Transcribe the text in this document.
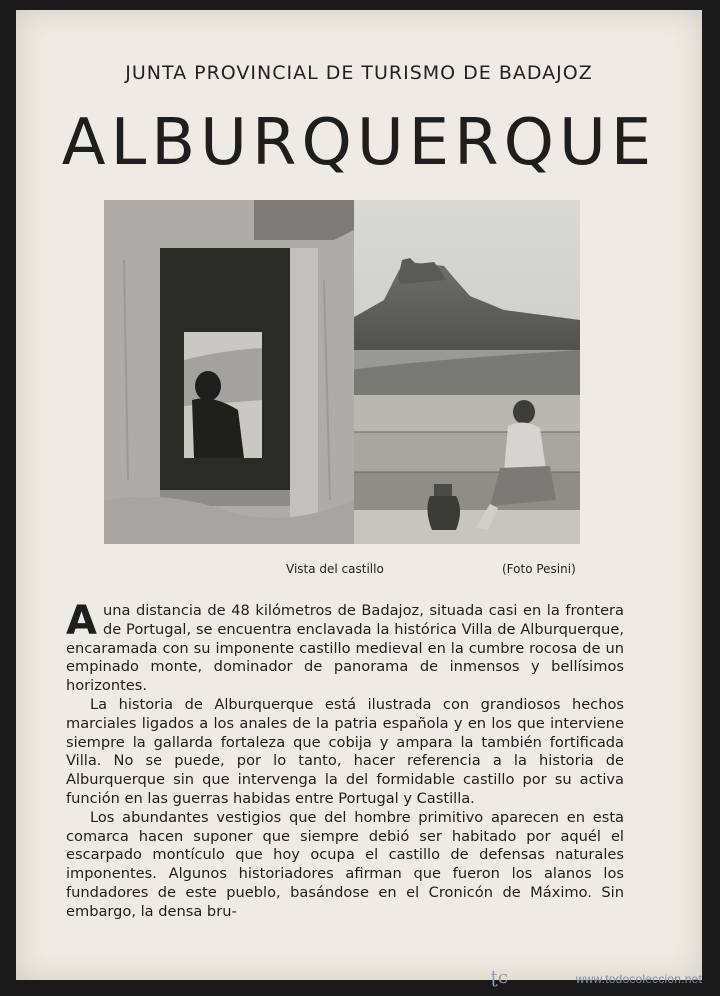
JUNTA PROVINCIAL DE TURISMO DE BADAJOZ
ALBURQUERQUE
Vista del castillo	(Foto Pesini)

Auna distancia de 48 kilómetros de Badajoz, situada casi en la frontera de Portugal, se encuentra enclavada la histórica Villa de Alburquerque, encaramada con su imponente castillo medieval en la cumbre rocosa de un empinado monte, dominador de panorama de inmensos y bellísimos horizontes.

La historia de Alburquerque está ilustrada con grandiosos hechos marciales ligados a los anales de la patria española y en los que interviene siempre la gallarda fortaleza que cobija y ampara la también fortificada Villa. No se puede, por lo tanto, hacer referencia a la historia de Alburquerque sin que intervenga la del formidable castillo por su activa función en las guerras habidas entre Portugal y Castilla.

Los abundantes vestigios que del hombre primitivo aparecen en esta comarca hacen suponer que siempre debió ser habitado por aquél el escarpado montículo que hoy ocupa el castillo de defensas naturales imponentes. Algunos historiadores afirman que fueron los alanos los fundadores de este pueblo, basándose en el Cronicón de Máximo. Sin embargo, la densa bru-

ʈc	www.todocoleccion.net
